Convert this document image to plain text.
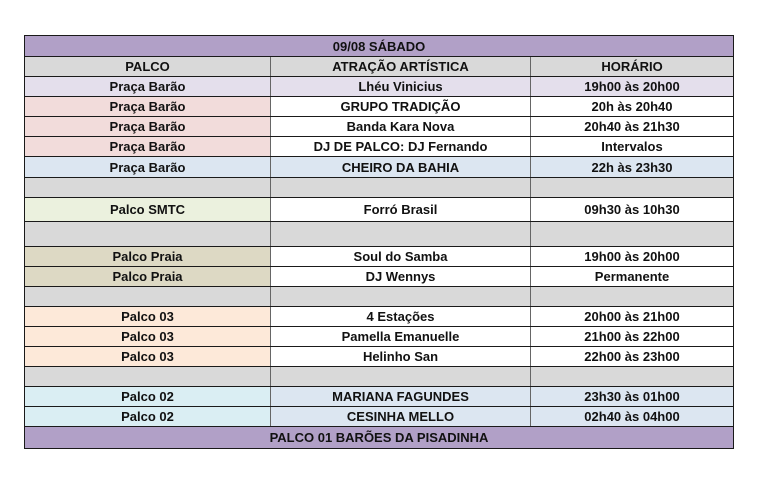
09/08 SÁBADO		
PALCO	ATRAÇÃO ARTÍSTICA	HORÁRIO
Praça Barão	Lhéu Vinicius	19h00 às 20h00
Praça Barão	GRUPO TRADIÇÃO	20h às 20h40
Praça Barão	Banda Kara Nova	20h40 às 21h30
Praça Barão	DJ DE PALCO: DJ Fernando	Intervalos
Praça Barão	CHEIRO DA BAHIA	22h às 23h30

Palco SMTC	Forró Brasil	09h30 às 10h30

Palco Praia	Soul do Samba	19h00 às 20h00
Palco Praia	DJ Wennys	Permanente

Palco 03	4 Estações	20h00 às 21h00
Palco 03	Pamella Emanuelle	21h00 às 22h00
Palco 03	Helinho San	22h00 às 23h00

Palco 02	MARIANA FAGUNDES	23h30 às 01h00
Palco 02	CESINHA MELLO	02h40 às 04h00
PALCO 01 BARÕES DA PISADINHA		
